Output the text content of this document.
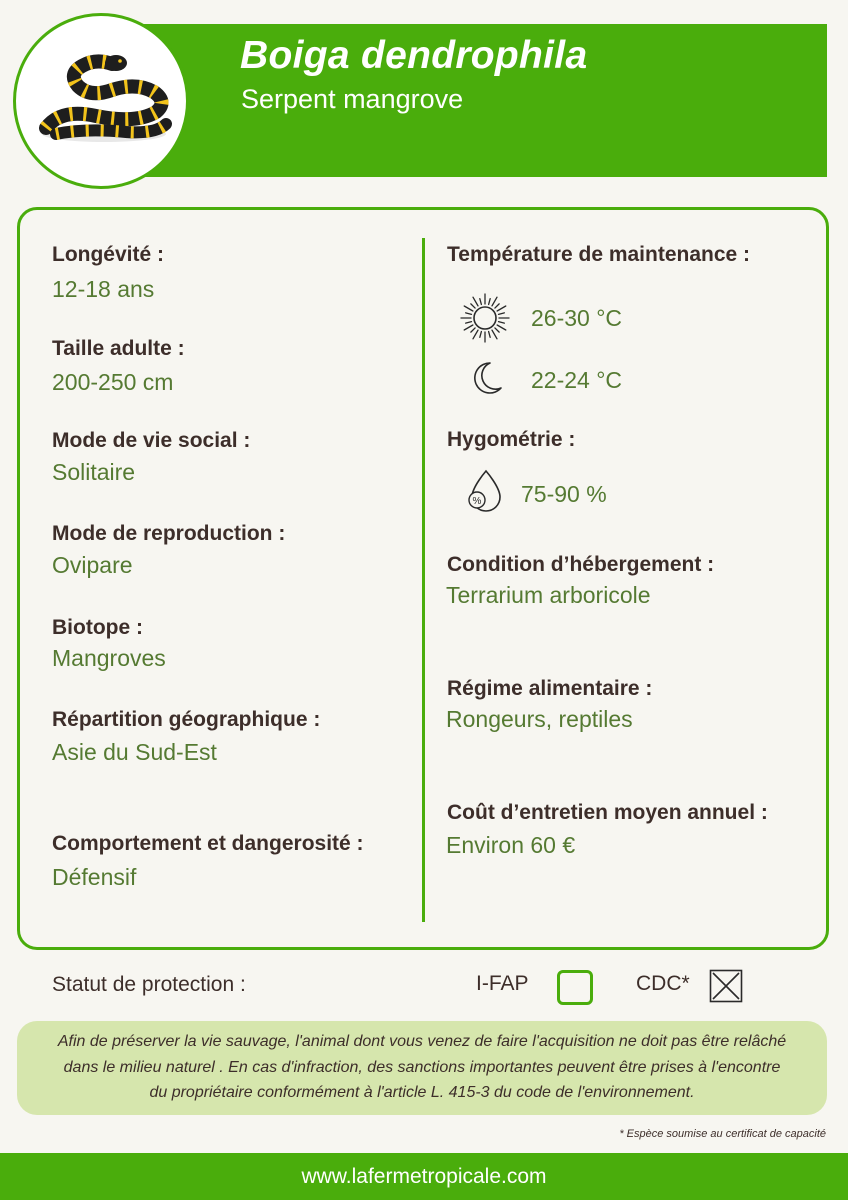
Boiga dendrophila
Serpent mangrove
Longévité :
12-18 ans
Taille adulte :
200-250 cm
Mode de vie social :
Solitaire
Mode de reproduction :
Ovipare
Biotope :
Mangroves
Répartition géographique :
Asie du Sud-Est
Comportement et dangerosité :
Défensif
Température de maintenance :
26-30 °C
22-24 °C
Hygométrie :
% 75-90 %
Condition d’hébergement :
Terrarium arboricole
Régime alimentaire :
Rongeurs, reptiles
Coût d’entretien moyen annuel :
Environ 60 €
Statut de protection :	I-FAP	CDC*
Afin de préserver la vie sauvage, l'animal dont vous venez de faire l'acquisition ne doit pas être relâché dans le milieu naturel . En cas d'infraction, des sanctions importantes peuvent être prises à l'encontre du propriétaire conformément à l'article L. 415-3 du code de l'environnement.
* Espèce soumise au certificat de capacité
www.lafermetropicale.com
